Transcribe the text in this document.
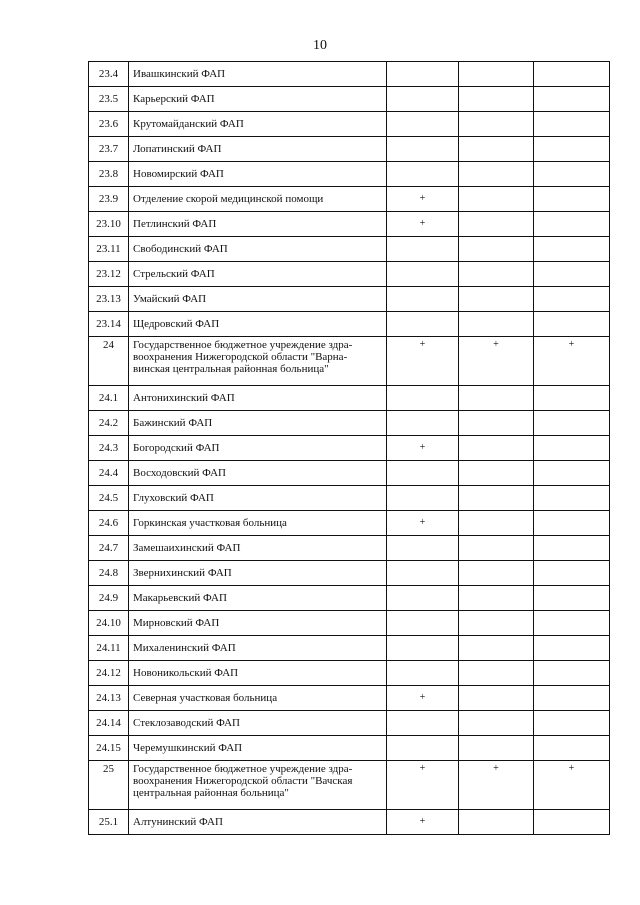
10
23.4	Ивашкинский ФАП			
23.5	Карьерский ФАП			
23.6	Крутомайданский ФАП			
23.7	Лопатинский ФАП			
23.8	Новомирский ФАП			
23.9	Отделение скорой медицинской помощи	+		
23.10	Петлинский ФАП	+		
23.11	Свободинский ФАП			
23.12	Стрельский ФАП			
23.13	Умайский ФАП			
23.14	Щедровский ФАП			
24	Государственное бюджетное учреждение здра-воохранения Нижегородской области "Варна-винская центральная районная больница"	+	+	+
24.1	Антонихинский ФАП			
24.2	Бажинский ФАП			
24.3	Богородский ФАП	+		
24.4	Восходовский ФАП			
24.5	Глуховский ФАП			
24.6	Горкинская участковая больница	+		
24.7	Замешаихинский ФАП			
24.8	Звернихинский ФАП			
24.9	Макарьевский ФАП			
24.10	Мирновский ФАП			
24.11	Михаленинский ФАП			
24.12	Новоникольский ФАП			
24.13	Северная участковая больница	+		
24.14	Стеклозаводский ФАП			
24.15	Черемушкинский ФАП			
25	Государственное бюджетное учреждение здра-воохранения Нижегородской области "Вачская центральная районная больница"	+	+	+
25.1	Алтунинский ФАП	+		
